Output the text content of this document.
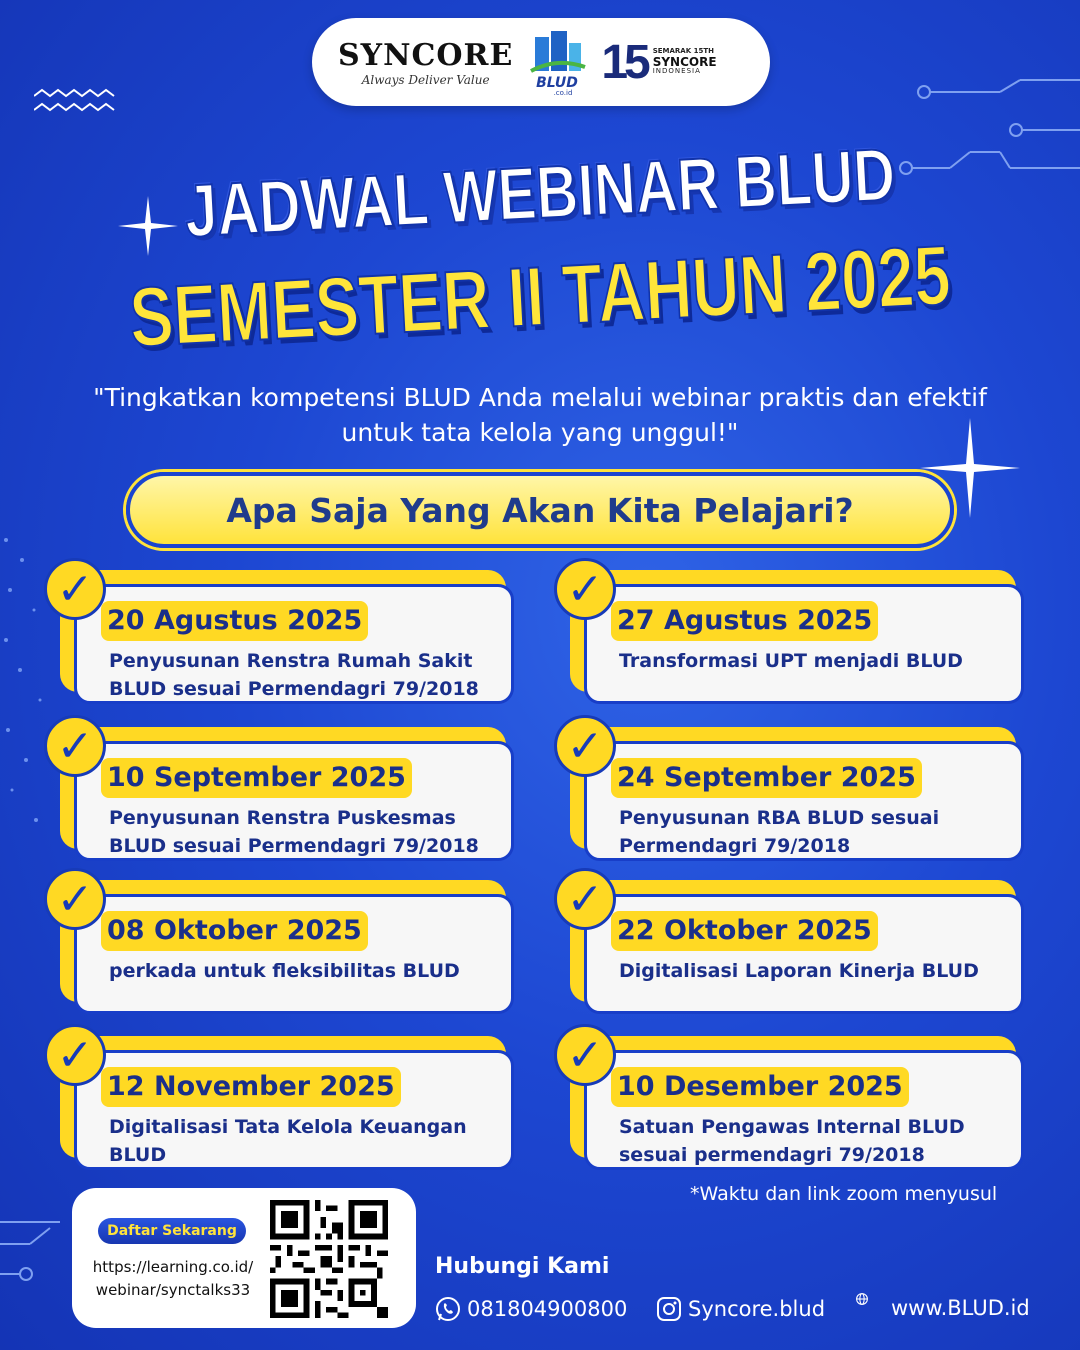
SYNCORE
Always Deliver Value	BLUD
.co.id
15 SEMARAK 15TH
SYNCORE
INDONESIA
JADWAL WEBINAR BLUD
SEMESTER II TAHUN 2025
"Tingkatkan kompetensi BLUD Anda melalui webinar praktis dan efektif untuk tata kelola yang unggul!"
Apa Saja Yang Akan Kita Pelajari?
✓
20 Agustus 2025
Penyusunan Renstra Rumah Sakit BLUD sesuai Permendagri 79/2018
✓
27 Agustus 2025
Transformasi UPT menjadi BLUD
✓
10 September 2025
Penyusunan Renstra Puskesmas BLUD sesuai Permendagri 79/2018
✓
24 September 2025
Penyusunan RBA BLUD sesuai Permendagri 79/2018
✓
08 Oktober 2025
perkada untuk fleksibilitas BLUD
✓
22 Oktober 2025
Digitalisasi Laporan Kinerja BLUD
✓
12 November 2025
Digitalisasi Tata Kelola Keuangan BLUD
✓
10 Desember 2025
Satuan Pengawas Internal BLUD sesuai permendagri 79/2018
*Waktu dan link zoom menyusul
Daftar Sekarang
https://learning.co.id/
webinar/synctalks33
Hubungi Kami
081804900800	Syncore.blud	www.BLUD.id
